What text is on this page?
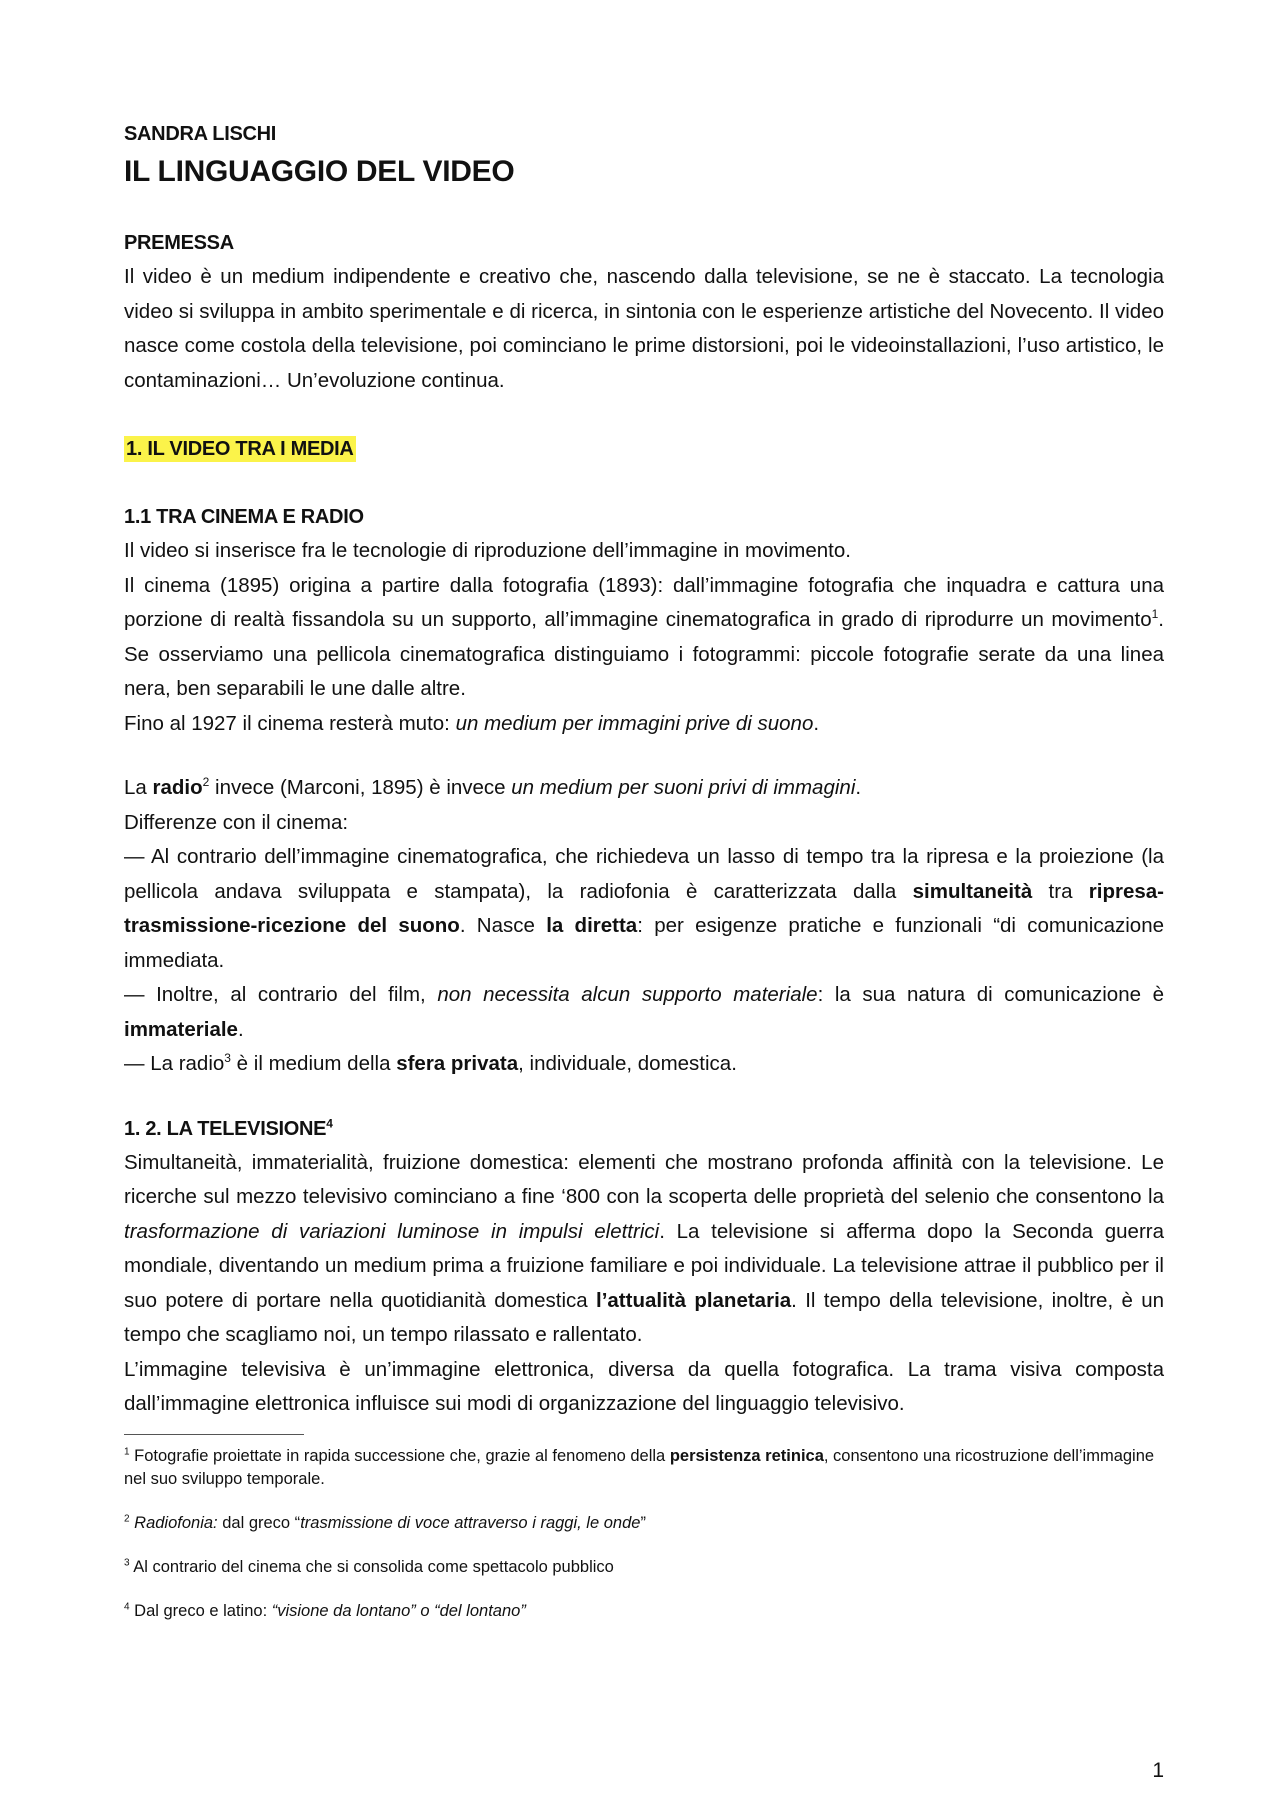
SANDRA LISCHI
IL LINGUAGGIO DEL VIDEO
PREMESSA

Il video è un medium indipendente e creativo che, nascendo dalla televisione, se ne è staccato. La tecnologia video si sviluppa in ambito sperimentale e di ricerca, in sintonia con le esperienze artistiche del Novecento. Il video nasce come costola della televisione, poi cominciano le prime distorsioni, poi le videoinstallazioni, l’uso artistico, le contaminazioni… Un’evoluzione continua.

1. IL VIDEO TRA I MEDIA
1.1 TRA CINEMA E RADIO

Il video si inserisce fra le tecnologie di riproduzione dell’immagine in movimento.

Il cinema (1895) origina a partire dalla fotografia (1893): dall’immagine fotografia che inquadra e cattura una porzione di realtà fissandola su un supporto, all’immagine cinematografica in grado di riprodurre un movimento$^1$. Se osserviamo una pellicola cinematografica distinguiamo i fotogrammi: piccole fotografie serate da una linea nera, ben separabili le une dalle altre.

Fino al 1927 il cinema resterà muto: un medium per immagini prive di suono.

La radio$^2$ invece (Marconi, 1895) è invece un medium per suoni privi di immagini.

Differenze con il cinema:

— Al contrario dell’immagine cinematografica, che richiedeva un lasso di tempo tra la ripresa e la proiezione (la pellicola andava sviluppata e stampata), la radiofonia è caratterizzata dalla simultaneità tra ripresa-trasmissione-ricezione del suono. Nasce la diretta: per esigenze pratiche e funzionali “di comunicazione immediata.

— Inoltre, al contrario del film, non necessita alcun supporto materiale: la sua natura di comunicazione è immateriale.

— La radio$^3$ è il medium della sfera privata, individuale, domestica.

1. 2. LA TELEVISIONE$^4$

Simultaneità, immaterialità, fruizione domestica: elementi che mostrano profonda affinità con la televisione. Le ricerche sul mezzo televisivo cominciano a fine ‘800 con la scoperta delle proprietà del selenio che consentono la trasformazione di variazioni luminose in impulsi elettrici. La televisione si afferma dopo la Seconda guerra mondiale, diventando un medium prima a fruizione familiare e poi individuale. La televisione attrae il pubblico per il suo potere di portare nella quotidianità domestica l’attualità planetaria. Il tempo della televisione, inoltre, è un tempo che scagliamo noi, un tempo rilassato e rallentato.

L’immagine televisiva è un’immagine elettronica, diversa da quella fotografica. La trama visiva composta dall’immagine elettronica influisce sui modi di organizzazione del linguaggio televisivo.

$^1$ Fotografie proiettate in rapida successione che, grazie al fenomeno della persistenza retinica, consentono una ricostruzione dell’immagine nel suo sviluppo temporale.

$^2$ Radiofonia: dal greco “trasmissione di voce attraverso i raggi, le onde”

$^3$ Al contrario del cinema che si consolida come spettacolo pubblico

$^4$ Dal greco e latino: “visione da lontano” o “del lontano”

1
